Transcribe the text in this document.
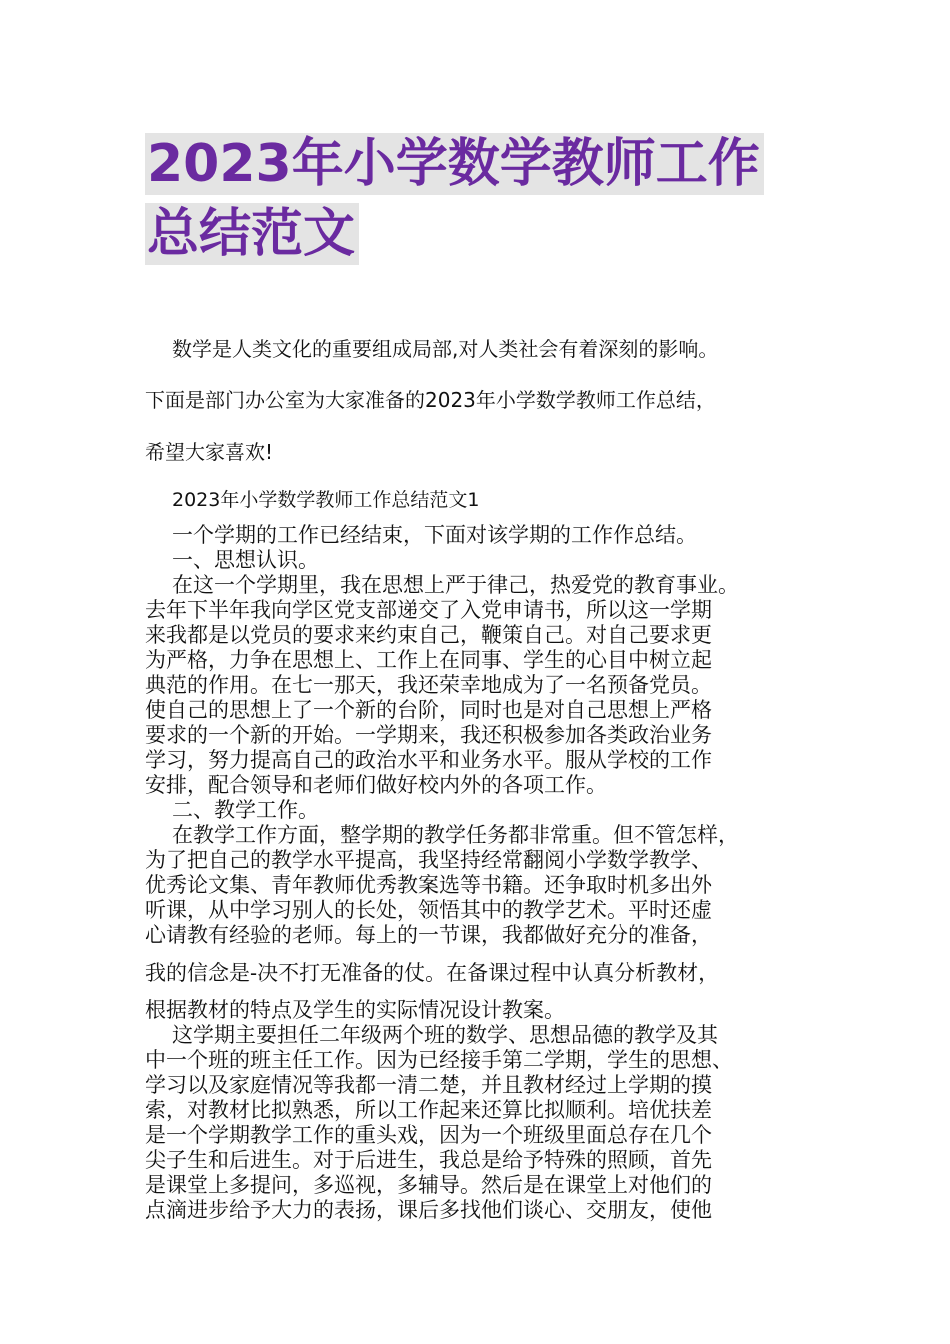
2023年小学数学教师工作
总结范文
数学是人类文化的重要组成局部,对人类社会有着深刻的影响。
下面是部门办公室为大家准备的2023年小学数学教师工作总结，
希望大家喜欢!
2023年小学数学教师工作总结范文1
一个学期的工作已经结束，下面对该学期的工作作总结。
一、思想认识。
在这一个学期里，我在思想上严于律己，热爱党的教育事业。
去年下半年我向学区党支部递交了入党申请书，所以这一学期
来我都是以党员的要求来约束自己，鞭策自己。对自己要求更
为严格，力争在思想上、工作上在同事、学生的心目中树立起
典范的作用。在七一那天，我还荣幸地成为了一名预备党员。
使自己的思想上了一个新的台阶，同时也是对自己思想上严格
要求的一个新的开始。一学期来，我还积极参加各类政治业务
学习，努力提高自己的政治水平和业务水平。服从学校的工作
安排，配合领导和老师们做好校内外的各项工作。
二、教学工作。
在教学工作方面，整学期的教学任务都非常重。但不管怎样，
为了把自己的教学水平提高，我坚持经常翻阅小学数学教学、
优秀论文集、青年教师优秀教案选等书籍。还争取时机多出外
听课，从中学习别人的长处，领悟其中的教学艺术。平时还虚
心请教有经验的老师。每上的一节课，我都做好充分的准备，
我的信念是-决不打无准备的仗。在备课过程中认真分析教材，
根据教材的特点及学生的实际情况设计教案。
这学期主要担任二年级两个班的数学、思想品德的教学及其
中一个班的班主任工作。因为已经接手第二学期，学生的思想、
学习以及家庭情况等我都一清二楚，并且教材经过上学期的摸
索，对教材比拟熟悉，所以工作起来还算比拟顺利。培优扶差
是一个学期教学工作的重头戏，因为一个班级里面总存在几个
尖子生和后进生。对于后进生，我总是给予特殊的照顾，首先
是课堂上多提问，多巡视，多辅导。然后是在课堂上对他们的
点滴进步给予大力的表扬，课后多找他们谈心、交朋友，使他
